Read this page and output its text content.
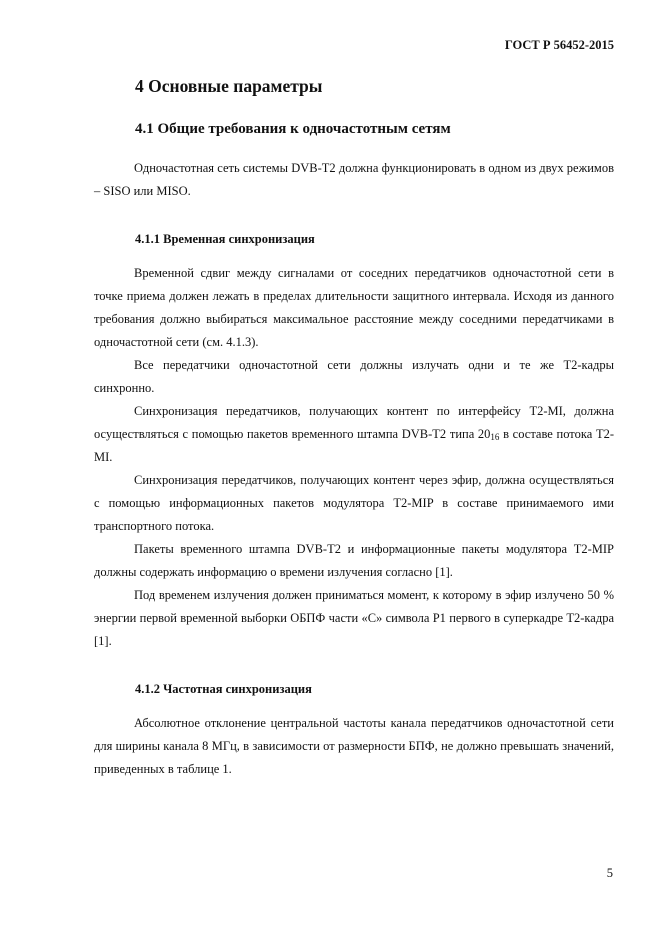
ГОСТ Р 56452-2015
4 Основные параметры
4.1 Общие требования к одночастотным сетям

Одночастотная сеть системы DVB-T2 должна функционировать в одном из двух режимов – SISO или MISO.

4.1.1 Временная синхронизация

Временной сдвиг между сигналами от соседних передатчиков одночастотной сети в точке приема должен лежать в пределах длительности защитного интервала. Исходя из данного требования должно выбираться максимальное расстояние между соседними передатчиками в одночастотной сети (см. 4.1.3).

Все передатчики одночастотной сети должны излучать одни и те же Т2-кадры синхронно.

Синхронизация передатчиков, получающих контент по интерфейсу Т2-MI, должна осуществляться с помощью пакетов временного штампа DVB-T2 типа $20_{16}$ в составе потока Т2-MI.

Синхронизация передатчиков, получающих контент через эфир, должна осуществляться с помощью информационных пакетов модулятора Т2-MIP в составе принимаемого ими транспортного потока.

Пакеты временного штампа DVB-T2 и информационные пакеты модулятора Т2-MIP должны содержать информацию о времени излучения согласно [1].

Под временем излучения должен приниматься момент, к которому в эфир излучено 50 % энергии первой временной выборки ОБПФ части «С» символа Р1 первого в суперкадре Т2-кадра [1].

4.1.2 Частотная синхронизация

Абсолютное отклонение центральной частоты канала передатчиков одночастотной сети для ширины канала 8 МГц, в зависимости от размерности БПФ, не должно превышать значений, приведенных в таблице 1.

5
